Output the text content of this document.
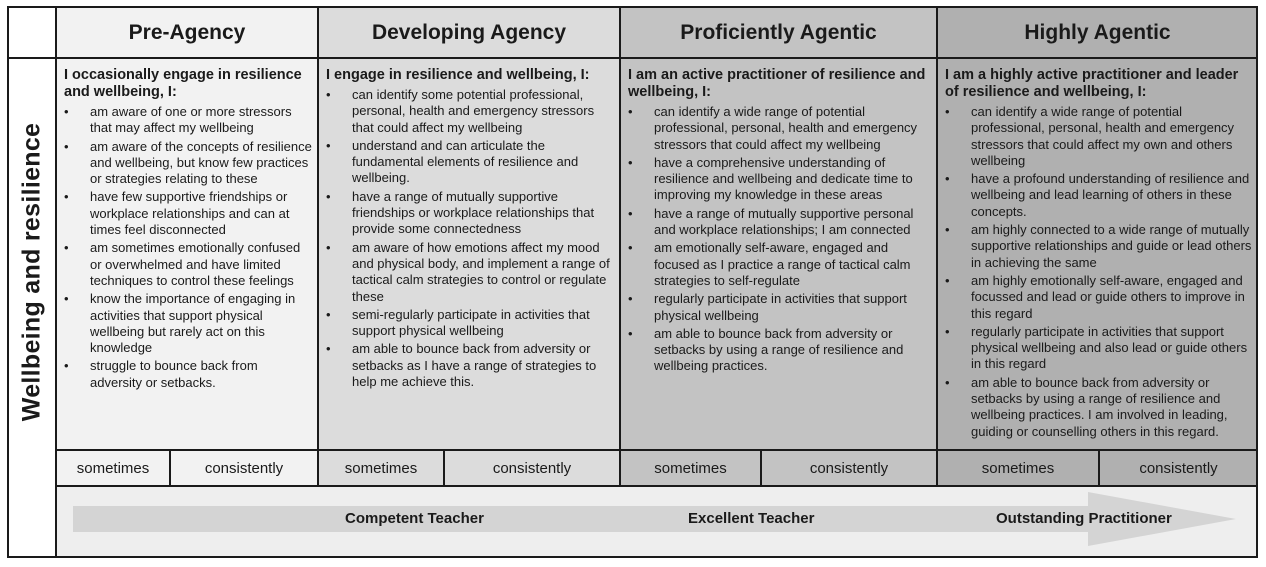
Pre-Agency	Developing Agency	Proficiently Agentic	Highly Agentic
Wellbeing and resilience
I occasionally engage in resilience and wellbeing, I:
• am aware of one or more stressors that may affect my wellbeing
• am aware of the concepts of resilience and wellbeing, but know few practices or strategies relating to these
• have few supportive friendships or workplace relationships and can at times feel disconnected
• am sometimes emotionally confused or overwhelmed and have limited techniques to control these feelings
• know the importance of engaging in activities that support physical wellbeing but rarely act on this knowledge
• struggle to bounce back from adversity or setbacks.
I engage in resilience and wellbeing, I:
• can identify some potential professional, personal, health and emergency stressors that could affect my wellbeing
• understand and can articulate the fundamental elements of resilience and wellbeing.
• have a range of mutually supportive friendships or workplace relationships that provide some connectedness
• am aware of how emotions affect my mood and physical body, and implement a range of tactical calm strategies to control or regulate these
• semi-regularly participate in activities that support physical wellbeing
• am able to bounce back from adversity or setbacks as I have a range of strategies to help me achieve this.
I am an active practitioner of resilience and wellbeing, I:
• can identify a wide range of potential professional, personal, health and emergency stressors that could affect my wellbeing
• have a comprehensive understanding of resilience and wellbeing and dedicate time to improving my knowledge in these areas
• have a range of mutually supportive personal and workplace relationships; I am connected
• am emotionally self-aware, engaged and focused as I practice a range of tactical calm strategies to self-regulate
• regularly participate in activities that support physical wellbeing
• am able to bounce back from adversity or setbacks by using a range of resilience and wellbeing practices.
I am a highly active practitioner and leader of resilience and wellbeing, I:
• can identify a wide range of potential professional, personal, health and emergency stressors that could affect my own and others wellbeing
• have a profound understanding of resilience and wellbeing and lead learning of others in these concepts.
• am highly connected to a wide range of mutually supportive relationships and guide or lead others in achieving the same
• am highly emotionally self-aware, engaged and focussed and lead or guide others to improve in this regard
• regularly participate in activities that support physical wellbeing and also lead or guide others in this regard
• am able to bounce back from adversity or setbacks by using a range of resilience and wellbeing practices. I am involved in leading, guiding or counselling others in this regard.
sometimes	consistently	sometimes	consistently	sometimes	consistently	sometimes	consistently
Competent Teacher	Excellent Teacher	Outstanding Practitioner
